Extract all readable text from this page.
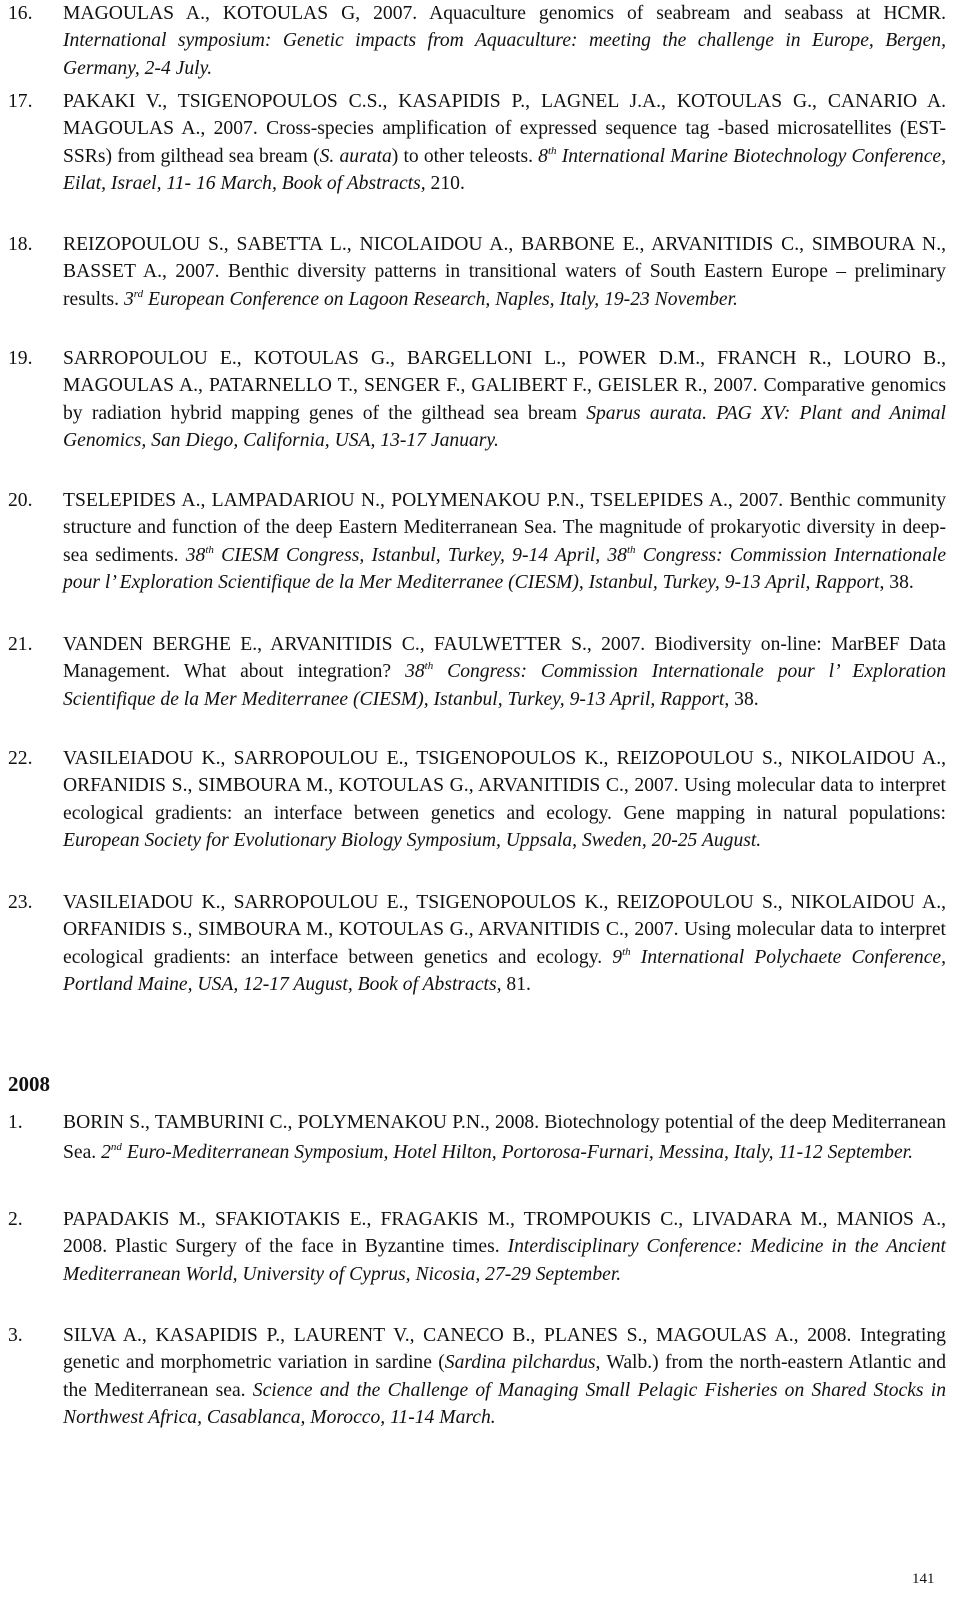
16.	MAGOULAS A., KOTOULAS G, 2007. Aquaculture genomics of seabream and seabass at HCMR. International symposium: Genetic impacts from Aquaculture: meeting the challenge in Europe, Bergen, Germany, 2-4 July.
17.	PAKAKI V., TSIGENOPOULOS C.S., KASAPIDIS P., LAGNEL J.A., KOTOULAS G., CANARIO A. MAGOULAS A., 2007. Cross-species amplification of expressed sequence tag -based microsatellites (EST-SSRs) from gilthead sea bream (S. aurata) to other teleosts. 8th International Marine Biotechnology Conference, Eilat, Israel, 11- 16 March, Book of Abstracts, 210.
18.	REIZOPOULOU S., SABETTA L., NICOLAIDOU A., BARBONE E., ARVANITIDIS C., SIMBOURA N., BASSET A., 2007. Benthic diversity patterns in transitional waters of South Eastern Europe – preliminary results. 3rd European Conference on Lagoon Research, Naples, Italy, 19-23 November.
19.	SARROPOULOU E., KOTOULAS G., BARGELLONI L., POWER D.M., FRANCH R., LOURO B., MAGOULAS A., PATARNELLO T., SENGER F., GALIBERT F., GEISLER R., 2007. Comparative genomics by radiation hybrid mapping genes of the gilthead sea bream Sparus aurata. PAG XV: Plant and Animal Genomics, San Diego, California, USA, 13-17 January.
20.	TSELEPIDES A., LAMPADARIOU N., POLYMENAKOU P.N., TSELEPIDES A., 2007. Benthic community structure and function of the deep Eastern Mediterranean Sea. The magnitude of prokaryotic diversity in deep-sea sediments. 38th CIESM Congress, Istanbul, Turkey, 9-14 April, 38th Congress: Commission Internationale pour l’ Exploration Scientifique de la Mer Mediterranee (CIESM), Istanbul, Turkey, 9-13 April, Rapport, 38.
21.	VANDEN BERGHE E., ARVANITIDIS C., FAULWETTER S., 2007. Biodiversity on-line: MarBEF Data Management. What about integration? 38th Congress: Commission Internationale pour l’ Exploration Scientifique de la Mer Mediterranee (CIESM), Istanbul, Turkey, 9-13 April, Rapport, 38.
22.	VASILEIADOU K., SARROPOULOU E., TSIGENOPOULOS K., REIZOPOULOU S., NIKOLAIDOU A., ORFANIDIS S., SIMBOURA M., KOTOULAS G., ARVANITIDIS C., 2007. Using molecular data to interpret ecological gradients: an interface between genetics and ecology. Gene mapping in natural populations: European Society for Evolutionary Biology Symposium, Uppsala, Sweden, 20-25 August.
23.	VASILEIADOU K., SARROPOULOU E., TSIGENOPOULOS K., REIZOPOULOU S., NIKOLAIDOU A., ORFANIDIS S., SIMBOURA M., KOTOULAS G., ARVANITIDIS C., 2007. Using molecular data to interpret ecological gradients: an interface between genetics and ecology. 9th International Polychaete Conference, Portland Maine, USA, 12-17 August, Book of Abstracts, 81.
2008
1.	BORIN S., TAMBURINI C., POLYMENAKOU P.N., 2008. Biotechnology potential of the deep Mediterranean Sea. 2nd Euro-Mediterranean Symposium, Hotel Hilton, Portorosa-Furnari, Messina, Italy, 11-12 September.
2.	PAPADAKIS M., SFAKIOTAKIS E., FRAGAKIS M., TROMPOUKIS C., LIVADARA M., MANIOS A., 2008. Plastic Surgery of the face in Byzantine times. Interdisciplinary Conference: Medicine in the Ancient Mediterranean World, University of Cyprus, Nicosia, 27-29 September.
3.	SILVA A., KASAPIDIS P., LAURENT V., CANECO B., PLANES S., MAGOULAS A., 2008. Integrating genetic and morphometric variation in sardine (Sardina pilchardus, Walb.) from the north-eastern Atlantic and the Mediterranean sea. Science and the Challenge of Managing Small Pelagic Fisheries on Shared Stocks in Northwest Africa, Casablanca, Morocco, 11-14 March.
141
